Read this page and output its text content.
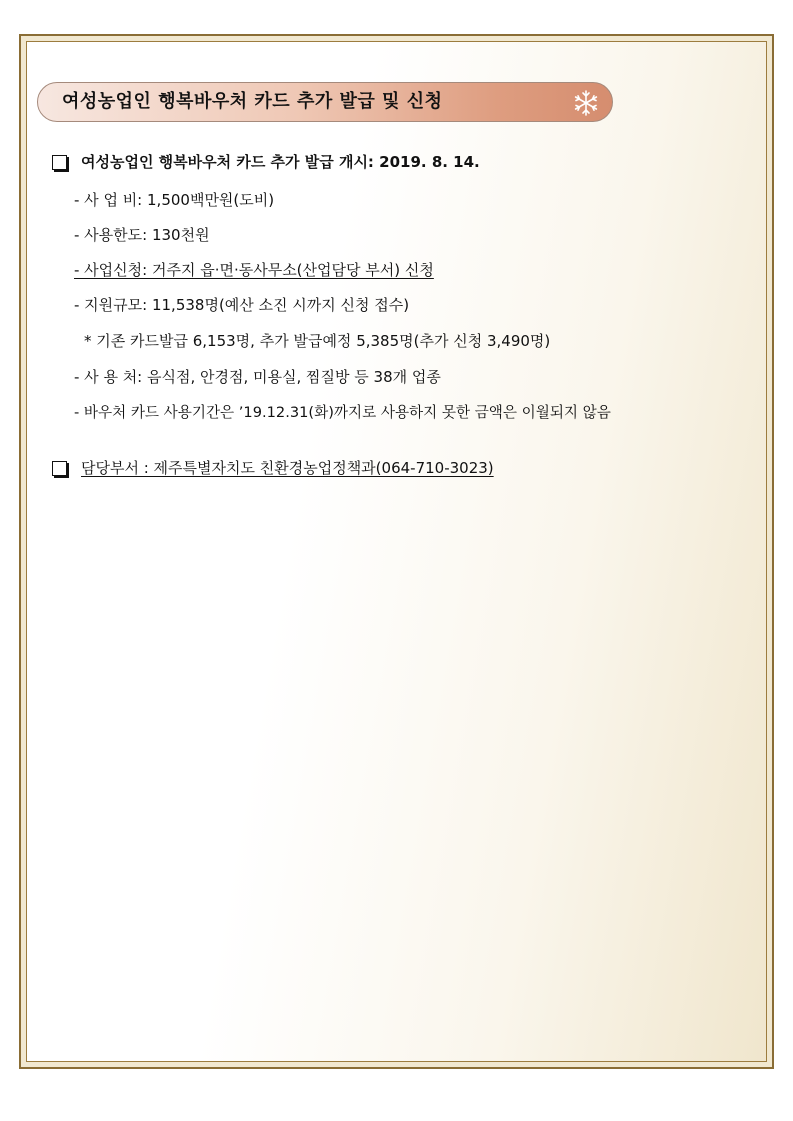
여성농업인 행복바우처 카드 추가 발급 및 신청
여성농업인 행복바우처 카드 추가 발급 개시: 2019. 8. 14.
- 사 업 비: 1,500백만원(도비)
- 사용한도: 130천원
- 사업신청: 거주지 읍·면·동사무소(산업담당 부서) 신청
- 지원규모: 11,538명(예산 소진 시까지 신청 접수)
* 기존 카드발급 6,153명, 추가 발급예정 5,385명(추가 신청 3,490명)
- 사 용 처: 음식점, 안경점, 미용실, 찜질방 등 38개 업종
- 바우처 카드 사용기간은 ’19.12.31(화)까지로 사용하지 못한 금액은 이월되지 않음
담당부서 : 제주특별자치도 친환경농업정책과(064-710-3023)
